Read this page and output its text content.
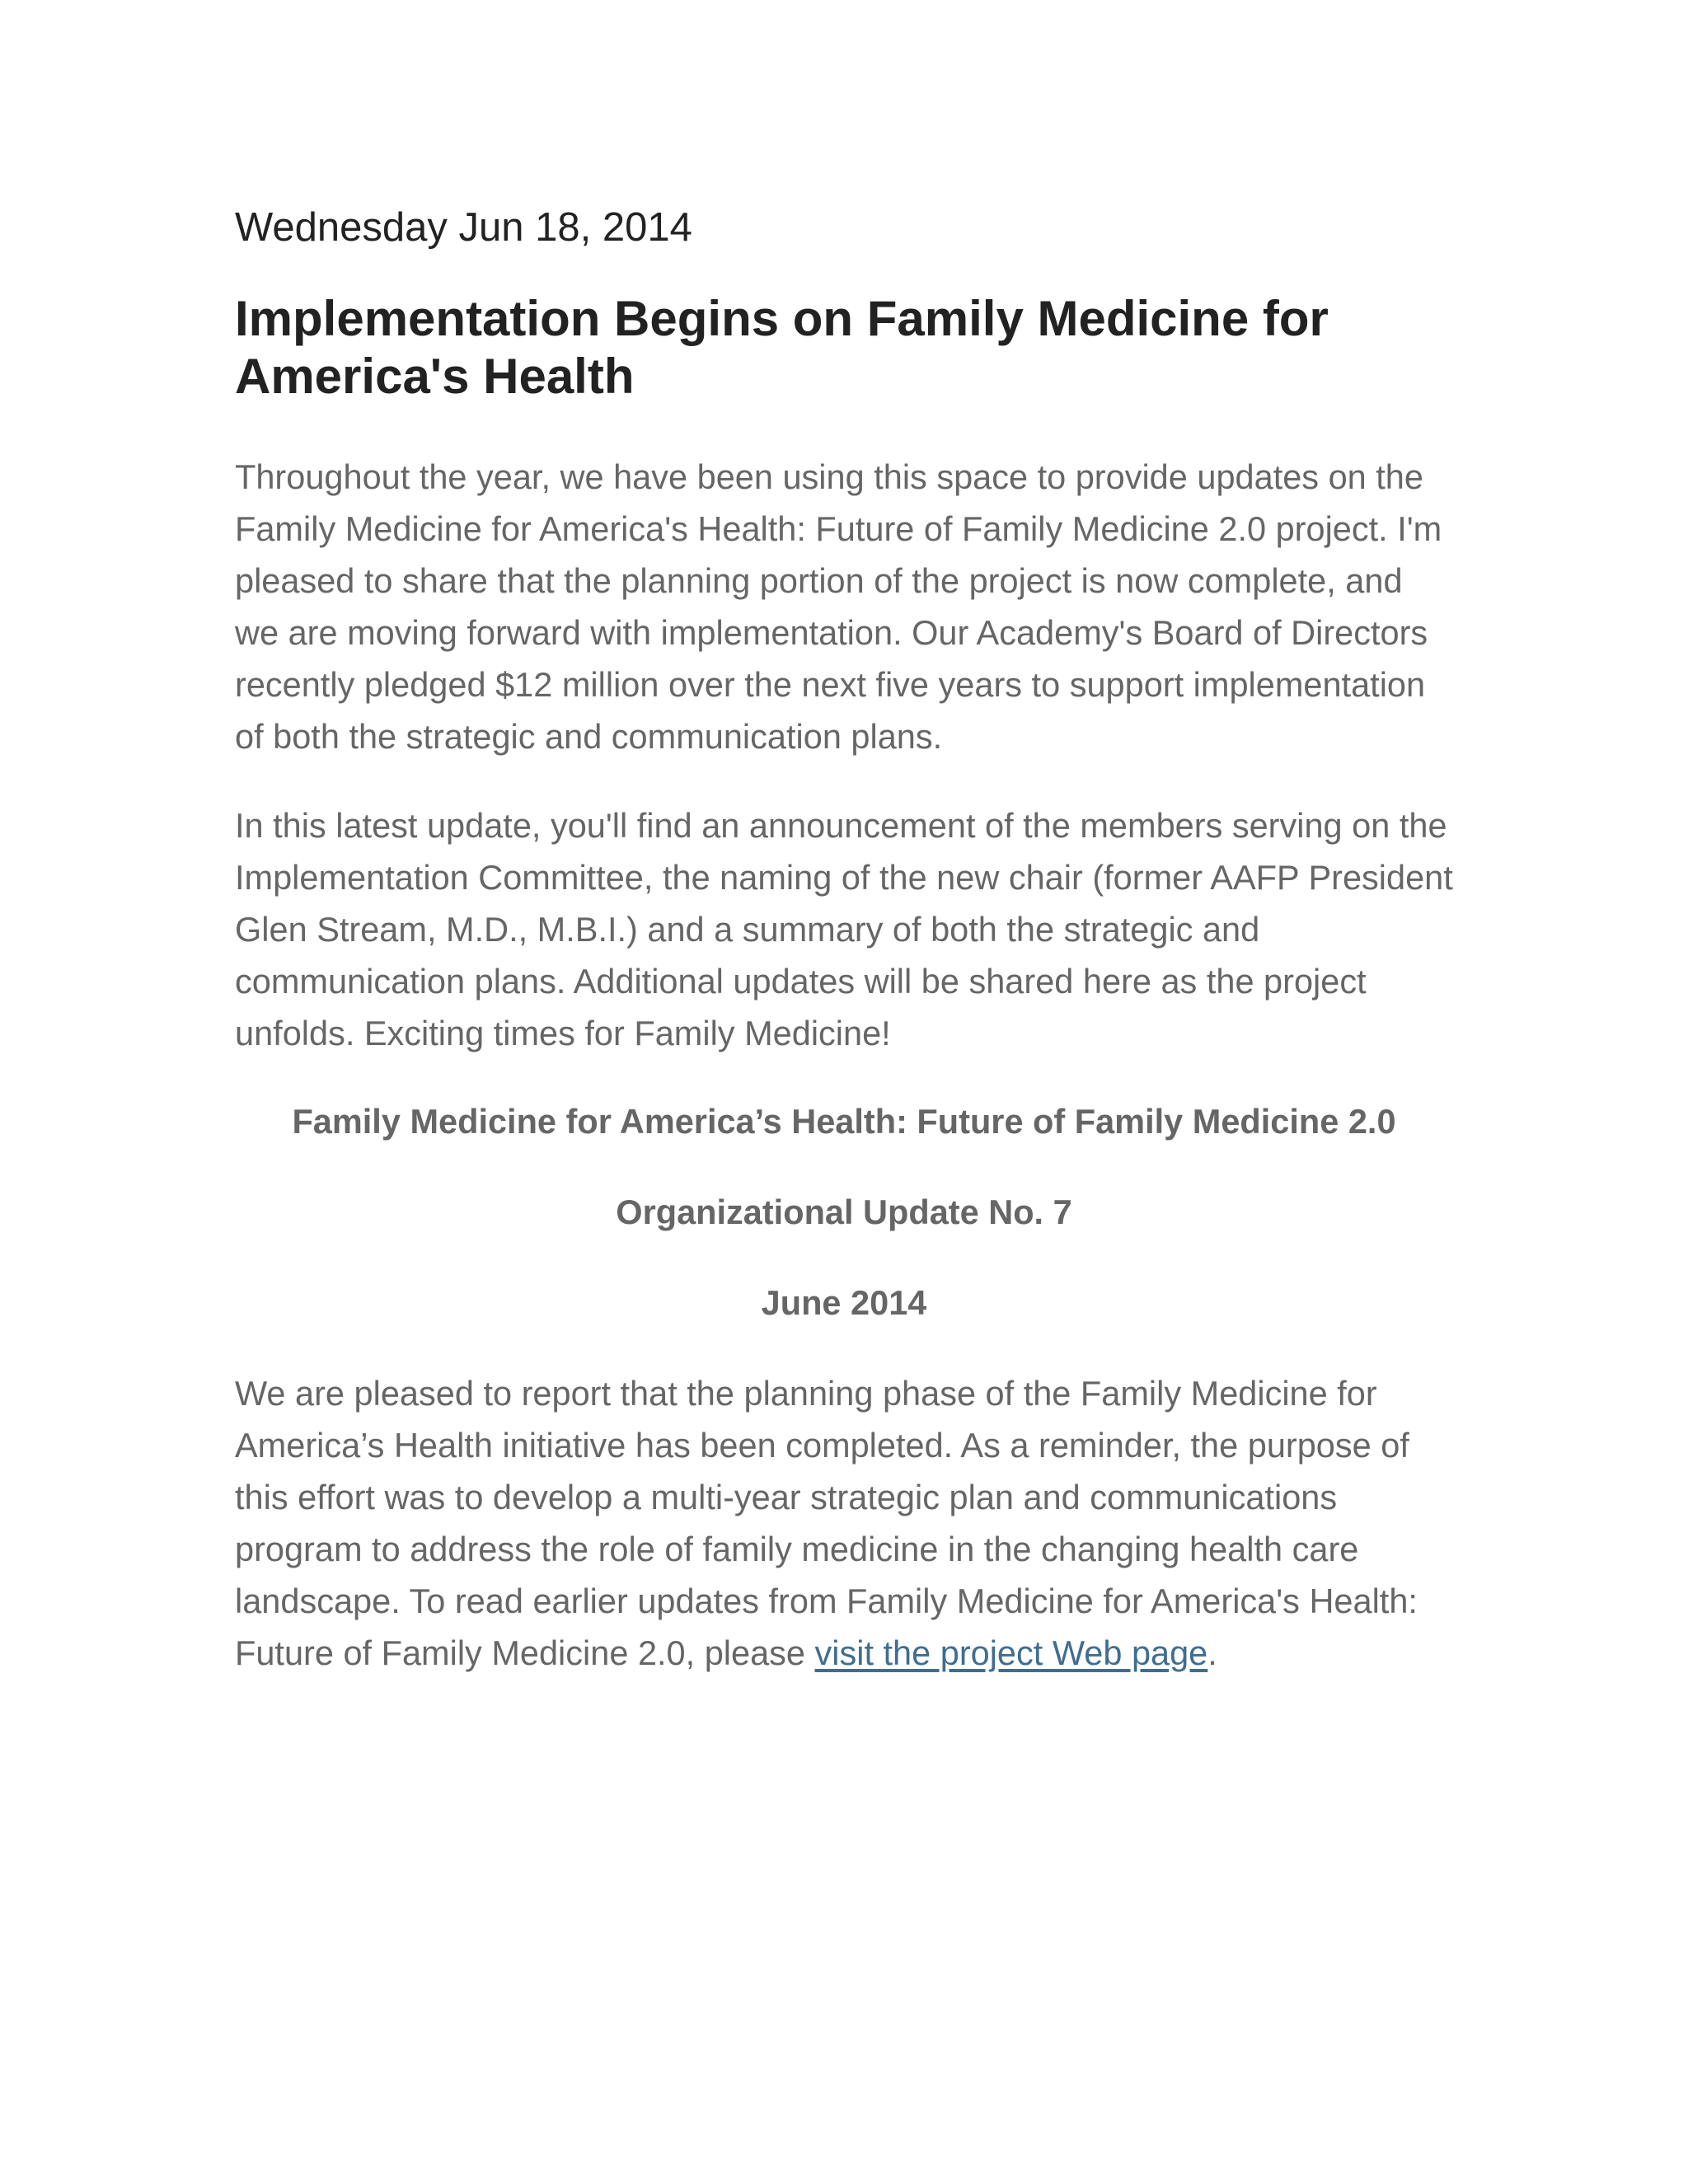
Wednesday Jun 18, 2014
Implementation Begins on Family Medicine for America's Health

Throughout the year, we have been using this space to provide updates on the Family Medicine for America's Health: Future of Family Medicine 2.0 project. I'm pleased to share that the planning portion of the project is now complete, and we are moving forward with implementation. Our Academy's Board of Directors recently pledged $12 million over the next five years to support implementation of both the strategic and communication plans.

In this latest update, you'll find an announcement of the members serving on the Implementation Committee, the naming of the new chair (former AAFP President Glen Stream, M.D., M.B.I.) and a summary of both the strategic and communication plans. Additional updates will be shared here as the project unfolds. Exciting times for Family Medicine!

Family Medicine for America’s Health: Future of Family Medicine 2.0
Organizational Update No. 7
June 2014

We are pleased to report that the planning phase of the Family Medicine for America’s Health initiative has been completed. As a reminder, the purpose of this effort was to develop a multi-year strategic plan and communications program to address the role of family medicine in the changing health care landscape. To read earlier updates from Family Medicine for America's Health: Future of Family Medicine 2.0, please visit the project Web page.
